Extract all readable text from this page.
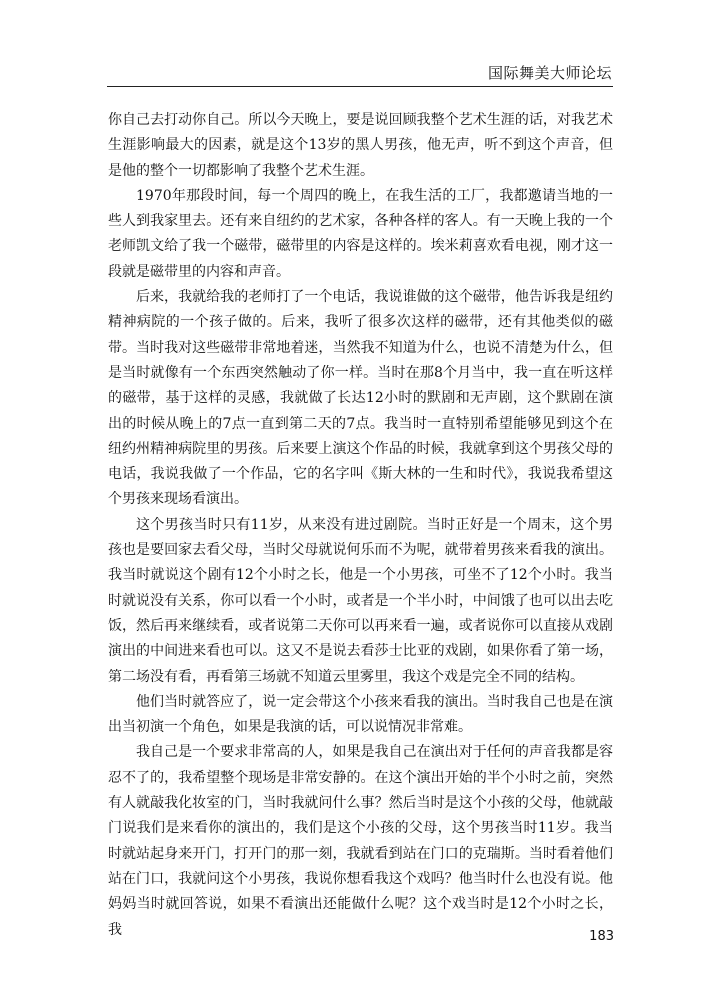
国际舞美大师论坛

你自己去打动你自己。所以今天晚上，要是说回顾我整个艺术生涯的话，对我艺术生涯影响最大的因素，就是这个13岁的黑人男孩，他无声，听不到这个声音，但是他的整个一切都影响了我整个艺术生涯。

1970年那段时间，每一个周四的晚上，在我生活的工厂，我都邀请当地的一些人到我家里去。还有来自纽约的艺术家，各种各样的客人。有一天晚上我的一个老师凯文给了我一个磁带，磁带里的内容是这样的。埃米莉喜欢看电视，刚才这一段就是磁带里的内容和声音。

后来，我就给我的老师打了一个电话，我说谁做的这个磁带，他告诉我是纽约精神病院的一个孩子做的。后来，我听了很多次这样的磁带，还有其他类似的磁带。当时我对这些磁带非常地着迷，当然我不知道为什么，也说不清楚为什么，但是当时就像有一个东西突然触动了你一样。当时在那8个月当中，我一直在听这样的磁带，基于这样的灵感，我就做了长达12小时的默剧和无声剧，这个默剧在演出的时候从晚上的7点一直到第二天的7点。我当时一直特别希望能够见到这个在纽约州精神病院里的男孩。后来要上演这个作品的时候，我就拿到这个男孩父母的电话，我说我做了一个作品，它的名字叫《斯大林的一生和时代》，我说我希望这个男孩来现场看演出。

这个男孩当时只有11岁，从来没有进过剧院。当时正好是一个周末，这个男孩也是要回家去看父母，当时父母就说何乐而不为呢，就带着男孩来看我的演出。我当时就说这个剧有12个小时之长，他是一个小男孩，可坐不了12个小时。我当时就说没有关系，你可以看一个小时，或者是一个半小时，中间饿了也可以出去吃饭，然后再来继续看，或者说第二天你可以再来看一遍，或者说你可以直接从戏剧演出的中间进来看也可以。这又不是说去看莎士比亚的戏剧，如果你看了第一场，第二场没有看，再看第三场就不知道云里雾里，我这个戏是完全不同的结构。

他们当时就答应了，说一定会带这个小孩来看我的演出。当时我自己也是在演出当初演一个角色，如果是我演的话，可以说情况非常难。

我自己是一个要求非常高的人，如果是我自己在演出对于任何的声音我都是容忍不了的，我希望整个现场是非常安静的。在这个演出开始的半个小时之前，突然有人就敲我化妆室的门，当时我就问什么事？然后当时是这个小孩的父母，他就敲门说我们是来看你的演出的，我们是这个小孩的父母，这个男孩当时11岁。我当时就站起身来开门，打开门的那一刻，我就看到站在门口的克瑞斯。当时看着他们站在门口，我就问这个小男孩，我说你想看我这个戏吗？他当时什么也没有说。他妈妈当时就回答说，如果不看演出还能做什么呢？这个戏当时是12个小时之长，我	183
